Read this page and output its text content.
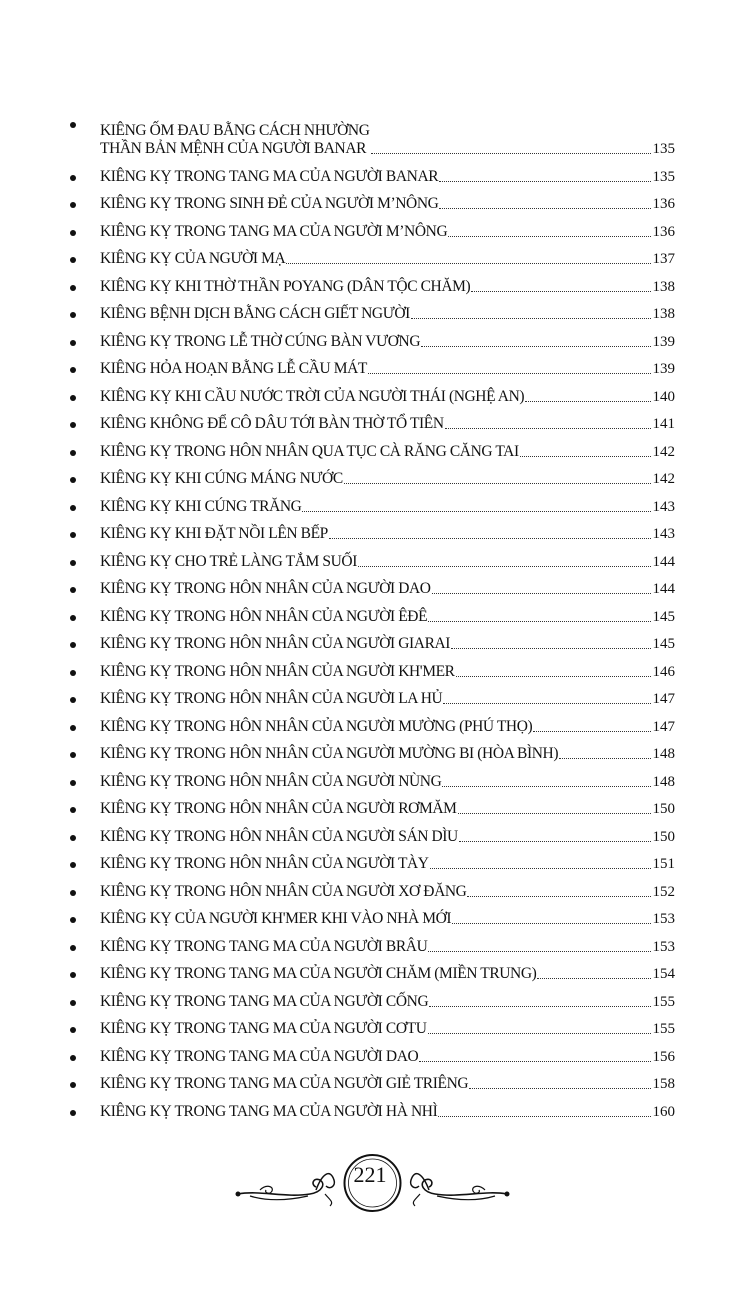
KIÊNG ỐM ĐAU BẰNG CÁCH NHƯỜNG
THẦN BẢN MỆNH CỦA NGƯỜI BANAR	135
KIÊNG KỴ TRONG TANG MA CỦA NGƯỜI BANAR	135
KIÊNG KỴ TRONG SINH ĐẺ CỦA NGƯỜI M’NÔNG	136
KIÊNG KỴ TRONG TANG MA CỦA NGƯỜI M’NÔNG	136
KIÊNG KỴ CỦA NGƯỜI MẠ	137
KIÊNG KỴ KHI THỜ THẦN POYANG (DÂN TỘC CHĂM)	138
KIÊNG BỆNH DỊCH BẰNG CÁCH GIẾT NGƯỜI	138
KIÊNG KỴ TRONG LỄ THỜ CÚNG BÀN VƯƠNG	139
KIÊNG HỎA HOẠN BẰNG LỄ CẦU MÁT	139
KIÊNG KỴ KHI CẦU NƯỚC TRỜI CỦA NGƯỜI THÁI (NGHỆ AN)	140
KIÊNG KHÔNG ĐỂ CÔ DÂU TỚI BÀN THỜ TỔ TIÊN	141
KIÊNG KỴ TRONG HÔN NHÂN QUA TỤC CÀ RĂNG CĂNG TAI	142
KIÊNG KỴ KHI CÚNG MÁNG NƯỚC	142
KIÊNG KỴ KHI CÚNG TRĂNG	143
KIÊNG KỴ KHI ĐẶT NỒI LÊN BẾP	143
KIÊNG KỴ CHO TRẺ LÀNG TẮM SUỐI	144
KIÊNG KỴ TRONG HÔN NHÂN CỦA NGƯỜI DAO	144
KIÊNG KỴ TRONG HÔN NHÂN CỦA NGƯỜI ÊĐÊ	145
KIÊNG KỴ TRONG HÔN NHÂN CỦA NGƯỜI GIARAI	145
KIÊNG KỴ TRONG HÔN NHÂN CỦA NGƯỜI KH'MER	146
KIÊNG KỴ TRONG HÔN NHÂN CỦA NGƯỜI LA HỦ	147
KIÊNG KỴ TRONG HÔN NHÂN CỦA NGƯỜI MƯỜNG (PHÚ THỌ)	147
KIÊNG KỴ TRONG HÔN NHÂN CỦA NGƯỜI MƯỜNG BI (HÒA BÌNH)	148
KIÊNG KỴ TRONG HÔN NHÂN CỦA NGƯỜI NÙNG	148
KIÊNG KỴ TRONG HÔN NHÂN CỦA NGƯỜI RƠMĂM	150
KIÊNG KỴ TRONG HÔN NHÂN CỦA NGƯỜI SÁN DÌU	150
KIÊNG KỴ TRONG HÔN NHÂN CỦA NGƯỜI TÀY	151
KIÊNG KỴ TRONG HÔN NHÂN CỦA NGƯỜI XƠ ĐĂNG	152
KIÊNG KỴ CỦA NGƯỜI KH'MER KHI VÀO NHÀ MỚI	153
KIÊNG KỴ TRONG TANG MA CỦA NGƯỜI BRÂU	153
KIÊNG KỴ TRONG TANG MA CỦA NGƯỜI CHĂM (MIỀN TRUNG)	154
KIÊNG KỴ TRONG TANG MA CỦA NGƯỜI CỐNG	155
KIÊNG KỴ TRONG TANG MA CỦA NGƯỜI CƠTU	155
KIÊNG KỴ TRONG TANG MA CỦA NGƯỜI DAO	156
KIÊNG KỴ TRONG TANG MA CỦA NGƯỜI GIẺ TRIÊNG	158
KIÊNG KỴ TRONG TANG MA CỦA NGƯỜI HÀ NHÌ	160
221
